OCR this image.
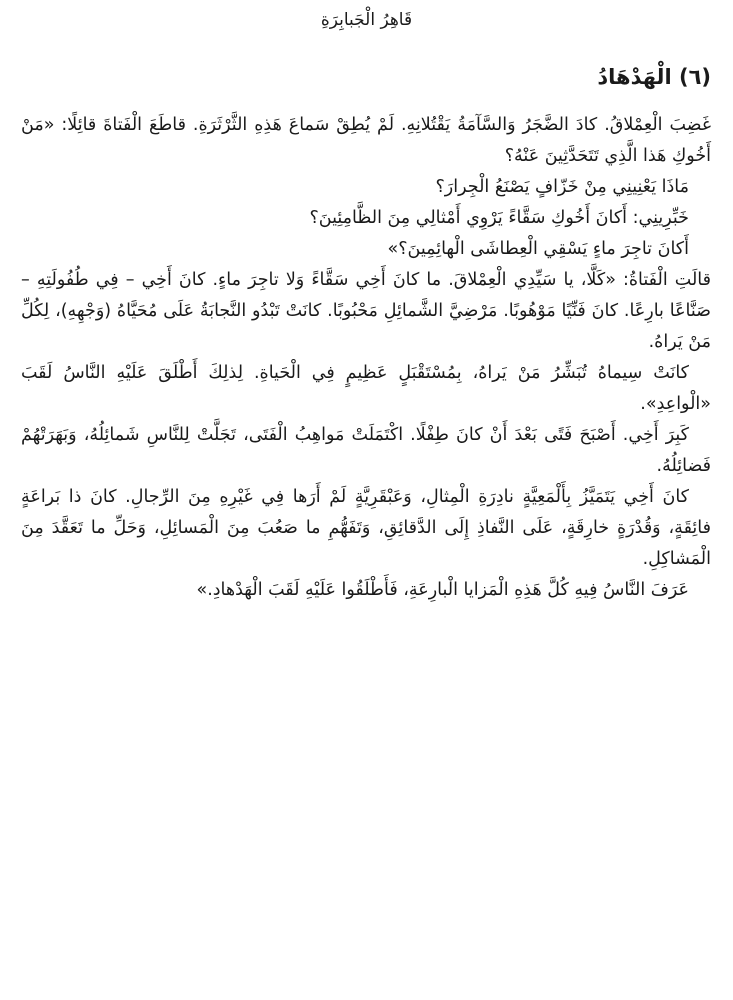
قَاهِرُ الْجَبابِرَةِ
(٦) الْهَدْهَادُ

غَضِبَ الْعِمْلاقُ. كادَ الضَّجَرُ وَالسَّآمَةُ يَقْتُلانِهِ. لَمْ يُطِقْ سَماعَ هَذِهِ الثَّرْثَرَةِ. قاطَعَ الْفَتاةَ قائِلًا: «مَنْ أَخُوكِ هَذا الَّذِي تَتَحَدَّثِينَ عَنْهُ؟

مَاذَا يَعْنِينِي مِنْ خَزّافٍ يَصْنَعُ الْجِرارَ؟

خَبِّرِينِي: أَكانَ أَخُوكِ سَقَّاءً يَرْوِي أَمْثالِي مِنَ الظَّامِئِينَ؟

أَكانَ تاجِرَ ماءٍ يَسْقِي الْعِطاشَى الْهائِمِينَ؟»

قالَتِ الْفَتاةُ: «كَلَّا، يا سَيِّدِي الْعِمْلاقَ. ما كانَ أَخِي سَقَّاءً وَلا تاجِرَ ماءٍ. كانَ أَخِي – فِي طُفُولَتِهِ – صَنَّاعًا بارِعًا. كانَ فَنِّيًا مَوْهُوبًا. مَرْضِيَّ الشَّمائِلِ مَحْبُوبًا. كانَتْ تَبْدُو النَّجابَةُ عَلَى مُحَيَّاهُ (وَجْهِهِ)، لِكُلِّ مَنْ يَراهُ.

كانَتْ سِيماهُ تُبَشِّرُ مَنْ يَراهُ، بِمُسْتَقْبَلٍ عَظِيمٍ فِي الْحَياةِ. لِذلِكَ أَطْلَقَ عَلَيْهِ النَّاسُ لَقَبَ «الْواعِدِ».

كَبِرَ أَخِي. أَصْبَحَ فَتًى بَعْدَ أَنْ كانَ طِفْلًا. اكْتَمَلَتْ مَواهِبُ الْفَتَى، تَجَلَّتْ لِلنَّاسِ شَمائِلُهُ، وَبَهَرَتْهُمْ فَضائِلُهُ.

كانَ أَخِي يَتَمَيَّزُ بِأَلْمَعِيَّةٍ نادِرَةِ الْمِثالِ، وَعَبْقَرِيَّةٍ لَمْ أَرَها فِي غَيْرِهِ مِنَ الرِّجالِ. كانَ ذا بَراعَةٍ فائِقَةٍ، وَقُدْرَةٍ خارِقَةٍ، عَلَى النَّفاذِ إِلَى الدَّقائِقِ، وَتَفَهُّمِ ما صَعُبَ مِنَ الْمَسائِلِ، وَحَلِّ ما تَعَقَّدَ مِنَ الْمَشاكِلِ.

عَرَفَ النَّاسُ فِيهِ كُلَّ هَذِهِ الْمَزايا الْبارِعَةِ، فَأَطْلَقُوا عَلَيْهِ لَقَبَ الْهَدْهادِ.»
